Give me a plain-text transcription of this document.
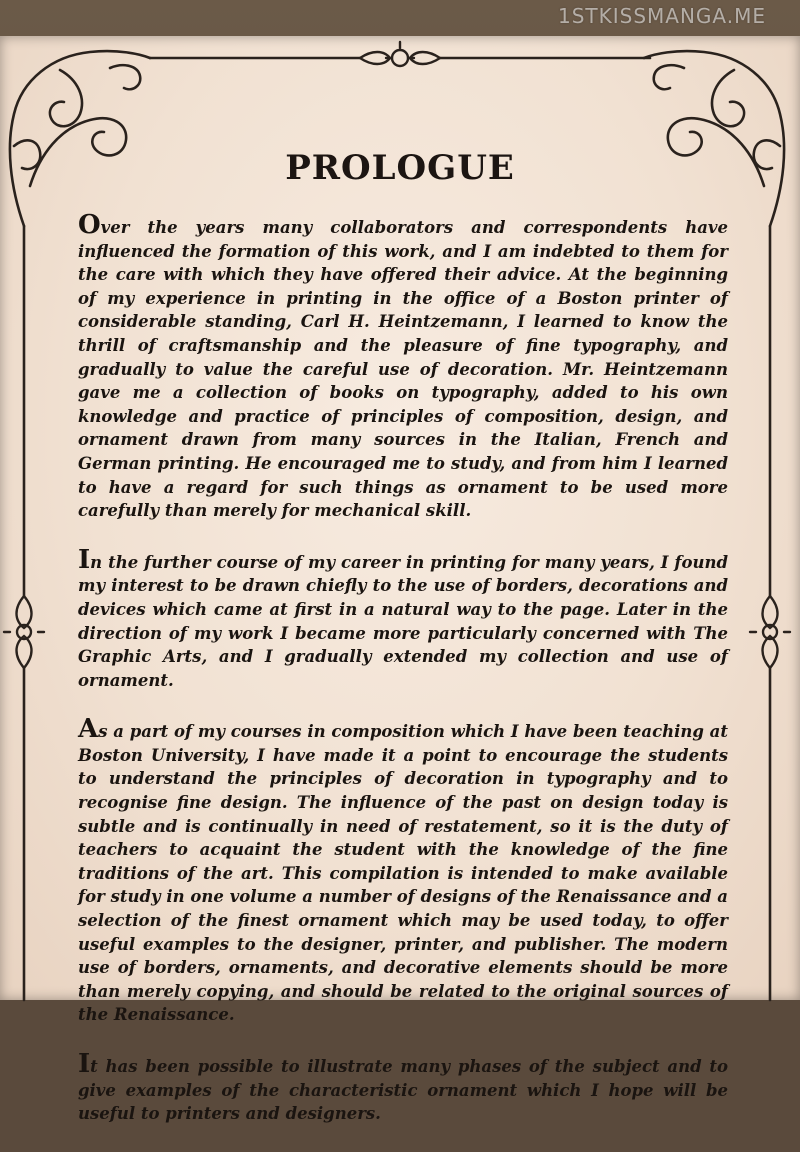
1STKISSMANGA.ME
PROLOGUE

Over the years many collaborators and correspondents have influenced the formation of this work, and I am indebted to them for the care with which they have offered their advice. At the beginning of my experience in printing in the office of a Boston printer of considerable standing, Carl H. Heintzemann, I learned to know the thrill of craftsmanship and the pleasure of fine typography, and gradually to value the careful use of decoration. Mr. Heintzemann gave me a collection of books on typography, added to his own knowledge and practice of principles of composition, design, and ornament drawn from many sources in the Italian, French and German printing. He encouraged me to study, and from him I learned to have a regard for such things as ornament to be used more carefully than merely for mechanical skill.

In the further course of my career in printing for many years, I found my interest to be drawn chiefly to the use of borders, decorations and devices which came at first in a natural way to the page. Later in the direction of my work I became more particularly concerned with The Graphic Arts, and I gradually extended my collection and use of ornament.

As a part of my courses in composition which I have been teaching at Boston University, I have made it a point to encourage the students to understand the principles of decoration in typography and to recognise fine design. The influence of the past on design today is subtle and is continually in need of restatement, so it is the duty of teachers to acquaint the student with the knowledge of the fine traditions of the art. This compilation is intended to make available for study in one volume a number of designs of the Renaissance and a selection of the finest ornament which may be used today, to offer useful examples to the designer, printer, and publisher. The modern use of borders, ornaments, and decorative elements should be more than merely copying, and should be related to the original sources of the Renaissance.

It has been possible to illustrate many phases of the subject and to give examples of the characteristic ornament which I hope will be useful to printers and designers.
